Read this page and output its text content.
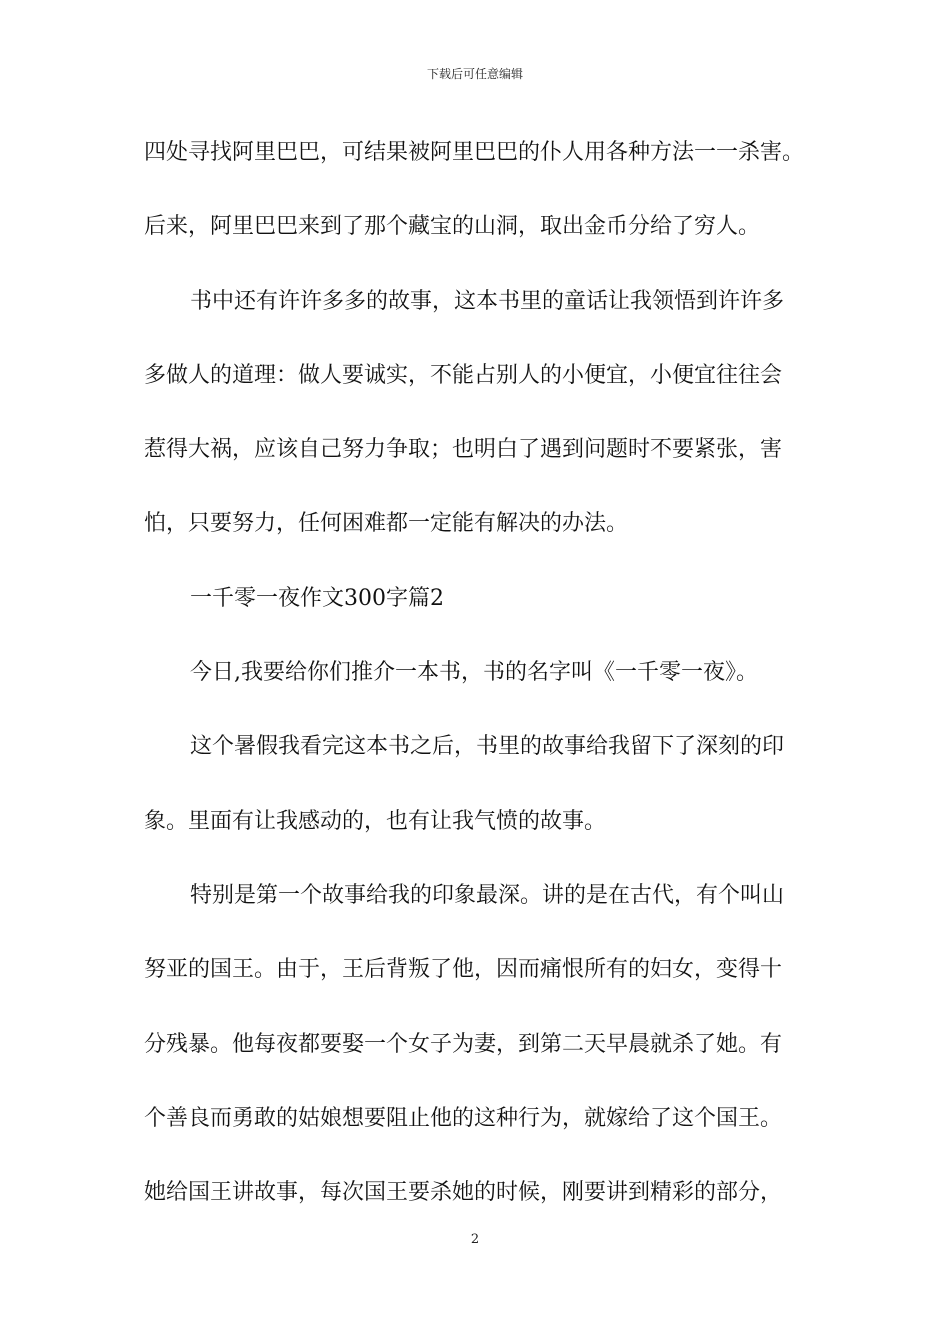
下载后可任意编辑
四处寻找阿里巴巴，可结果被阿里巴巴的仆人用各种方法一一杀害。
后来，阿里巴巴来到了那个藏宝的山洞，取出金币分给了穷人。
书中还有许许多多的故事，这本书里的童话让我领悟到许许多
多做人的道理：做人要诚实，不能占别人的小便宜，小便宜往往会
惹得大祸，应该自己努力争取；也明白了遇到问题时不要紧张，害
怕，只要努力，任何困难都一定能有解决的办法。
一千零一夜作文300字篇2
今日,我要给你们推介一本书，书的名字叫《一千零一夜》。
这个暑假我看完这本书之后，书里的故事给我留下了深刻的印
象。里面有让我感动的，也有让我气愤的故事。
特别是第一个故事给我的印象最深。讲的是在古代，有个叫山
努亚的国王。由于，王后背叛了他，因而痛恨所有的妇女，变得十
分残暴。他每夜都要娶一个女子为妻，到第二天早晨就杀了她。有
个善良而勇敢的姑娘想要阻止他的这种行为，就嫁给了这个国王。
她给国王讲故事，每次国王要杀她的时候，刚要讲到精彩的部分，
2
